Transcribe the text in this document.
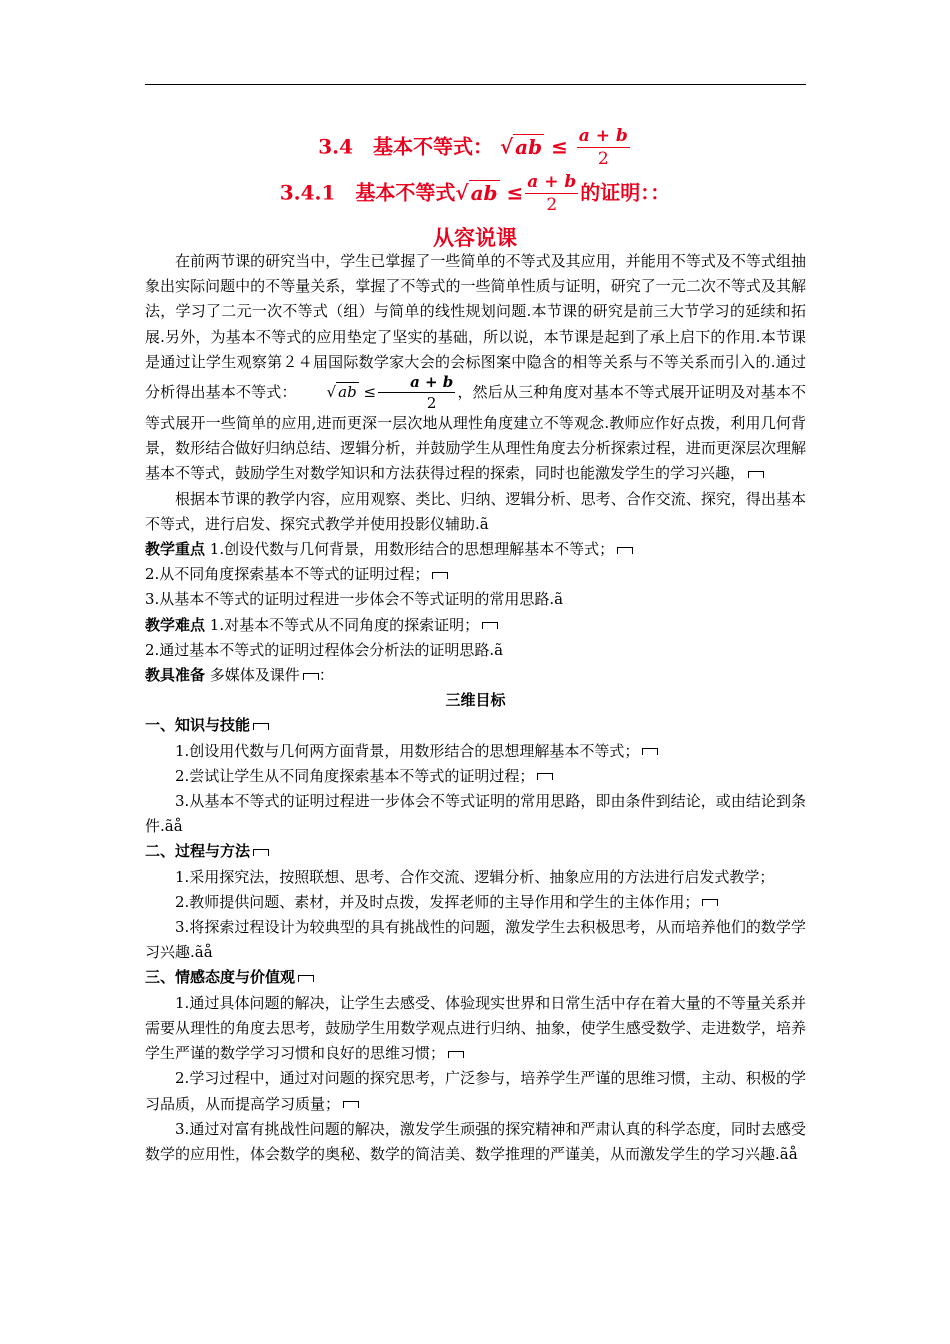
3.4　基本不等式： √ ab ≤ $\frac{a + b}{2}$
3.4.1　基本不等式√ ab ≤ $\frac{a + b}{2}$ 的证明：：
从容说课

在前两节课的研究当中，学生已掌握了一些简单的不等式及其应用，并能用不等式及不等式组抽象出实际问题中的不等量关系，掌握了不等式的一些简单性质与证明，研究了一元二次不等式及其解法，学习了二元一次不等式（组）与简单的线性规划问题.本节课的研究是前三大节学习的延续和拓展.另外，为基本不等式的应用垫定了坚实的基础，所以说，本节课是起到了承上启下的作用.本节课是通过让学生观察第２４届国际数学家大会的会标图案中隐含的相等关系与不等关系而引入的.通过分析得出基本不等式： √ ab ≤ $\frac{a + b}{2}$ ，然后从三种角度对基本不等式展开证明及对基本不等式展开一些简单的应用,进而更深一层次地从理性角度建立不等观念.教师应作好点拨，利用几何背景，数形结合做好归纳总结、逻辑分析，并鼓励学生从理性角度去分析探索过程，进而更深层次理解基本不等式，鼓励学生对数学知识和方法获得过程的探索，同时也能激发学生的学习兴趣，

根据本节课的教学内容，应用观察、类比、归纳、逻辑分析、思考、合作交流、探究，得出基本不等式，进行启发、探究式教学并使用投影仪辅助.ã

教学重点 1.创设代数与几何背景，用数形结合的思想理解基本不等式；

2.从不同角度探索基本不等式的证明过程；

3.从基本不等式的证明过程进一步体会不等式证明的常用思路.ã

教学难点 1.对基本不等式从不同角度的探索证明；

2.通过基本不等式的证明过程体会分析法的证明思路.ã

教具准备 多媒体及课件 ：

三维目标

一、知识与技能

1.创设用代数与几何两方面背景，用数形结合的思想理解基本不等式；

2.尝试让学生从不同角度探索基本不等式的证明过程；

3.从基本不等式的证明过程进一步体会不等式证明的常用思路，即由条件到结论，或由结论到条件.ãå

二、过程与方法

1.采用探究法，按照联想、思考、合作交流、逻辑分析、抽象应用的方法进行启发式教学；

2.教师提供问题、素材，并及时点拨，发挥老师的主导作用和学生的主体作用；

3.将探索过程设计为较典型的具有挑战性的问题，激发学生去积极思考，从而培养他们的数学学习兴趣.ãå

三、情感态度与价值观

1.通过具体问题的解决，让学生去感受、体验现实世界和日常生活中存在着大量的不等量关系并需要从理性的角度去思考，鼓励学生用数学观点进行归纳、抽象，使学生感受数学、走进数学，培养学生严谨的数学学习习惯和良好的思维习惯；

2.学习过程中，通过对问题的探究思考，广泛参与，培养学生严谨的思维习惯，主动、积极的学习品质，从而提高学习质量；

3.通过对富有挑战性问题的解决，激发学生顽强的探究精神和严肃认真的科学态度，同时去感受数学的应用性，体会数学的奥秘、数学的简洁美、数学推理的严谨美，从而激发学生的学习兴趣.ãå
